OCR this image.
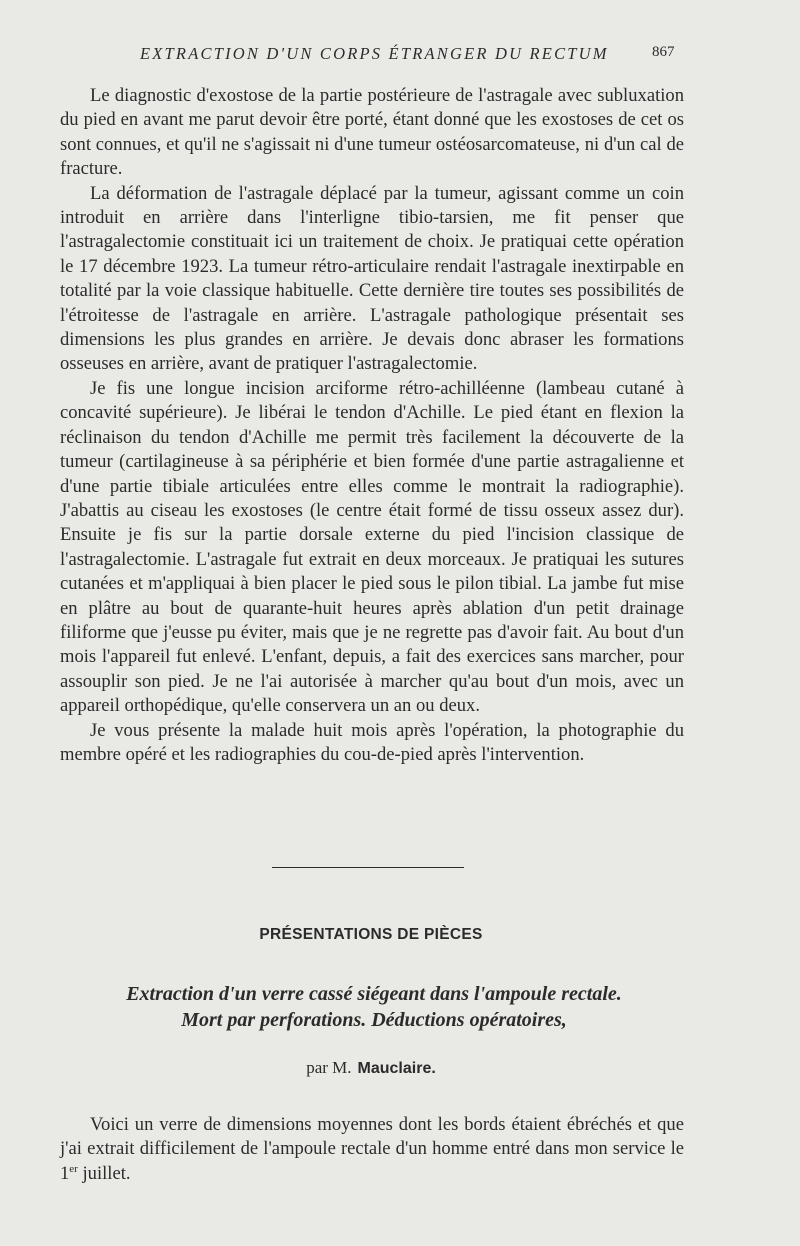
EXTRACTION D'UN CORPS ÉTRANGER DU RECTUM	867

Le diagnostic d'exostose de la partie postérieure de l'astragale avec subluxation du pied en avant me parut devoir être porté, étant donné que les exostoses de cet os sont connues, et qu'il ne s'agissait ni d'une tumeur ostéosarcomateuse, ni d'un cal de fracture.

La déformation de l'astragale déplacé par la tumeur, agissant comme un coin introduit en arrière dans l'interligne tibio-tarsien, me fit penser que l'astragalectomie constituait ici un traitement de choix. Je pratiquai cette opération le 17 décembre 1923. La tumeur rétro-articulaire rendait l'astragale inextirpable en totalité par la voie classique habituelle. Cette dernière tire toutes ses possibilités de l'étroitesse de l'astragale en arrière. L'astragale pathologique présentait ses dimensions les plus grandes en arrière. Je devais donc abraser les formations osseuses en arrière, avant de pratiquer l'astragalectomie.

Je fis une longue incision arciforme rétro-achilléenne (lambeau cutané à concavité supérieure). Je libérai le tendon d'Achille. Le pied étant en flexion la réclinaison du tendon d'Achille me permit très facilement la découverte de la tumeur (cartilagineuse à sa périphérie et bien formée d'une partie astragalienne et d'une partie tibiale articulées entre elles comme le montrait la radiographie). J'abattis au ciseau les exostoses (le centre était formé de tissu osseux assez dur). Ensuite je fis sur la partie dorsale externe du pied l'incision classique de l'astragalectomie. L'astragale fut extrait en deux morceaux. Je pratiquai les sutures cutanées et m'appliquai à bien placer le pied sous le pilon tibial. La jambe fut mise en plâtre au bout de quarante-huit heures après ablation d'un petit drainage filiforme que j'eusse pu éviter, mais que je ne regrette pas d'avoir fait. Au bout d'un mois l'appareil fut enlevé. L'enfant, depuis, a fait des exercices sans marcher, pour assouplir son pied. Je ne l'ai autorisée à marcher qu'au bout d'un mois, avec un appareil orthopédique, qu'elle conservera un an ou deux.

Je vous présente la malade huit mois après l'opération, la photographie du membre opéré et les radiographies du cou-de-pied après l'intervention.

PRÉSENTATIONS DE PIÈCES
Extraction d'un verre cassé siégeant dans l'ampoule rectale.
Mort par perforations. Déductions opératoires,
par M. Mauclaire.

Voici un verre de dimensions moyennes dont les bords étaient ébréchés et que j'ai extrait difficilement de l'ampoule rectale d'un homme entré dans mon service le 1er juillet.
